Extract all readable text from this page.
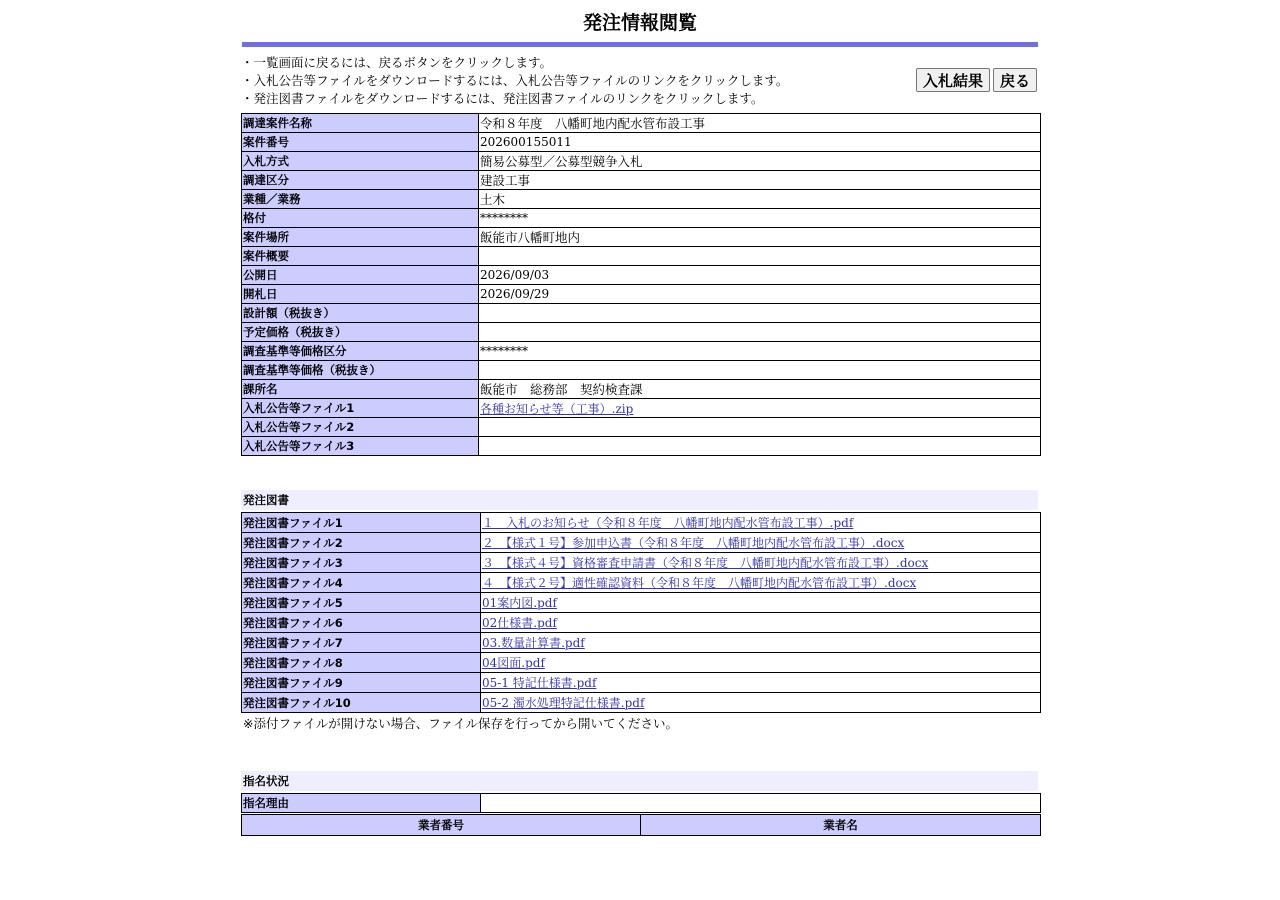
発注情報閲覧
・一覧画面に戻るには、戻るボタンをクリックします。
・入札公告等ファイルをダウンロードするには、入札公告等ファイルのリンクをクリックします。
・発注図書ファイルをダウンロードするには、発注図書ファイルのリンクをクリックします。
入札結果	戻る
調達案件名称	令和８年度　八幡町地内配水管布設工事
案件番号	202600155011
入札方式	簡易公募型／公募型競争入札
調達区分	建設工事
業種／業務	土木
格付	********
案件場所	飯能市八幡町地内
案件概要	
公開日	2026/09/03
開札日	2026/09/29
設計額（税抜き）	
予定価格（税抜き）	
調査基準等価格区分	********
調査基準等価格（税抜き）	
課所名	飯能市　総務部　契約検査課
入札公告等ファイル1	各種お知らせ等（工事）.zip
入札公告等ファイル2	
入札公告等ファイル3	
発注図書
発注図書ファイル1	１　入札のお知らせ（令和８年度　八幡町地内配水管布設工事）.pdf
発注図書ファイル2	２　【様式１号】参加申込書（令和８年度　八幡町地内配水管布設工事）.docx
発注図書ファイル3	３　【様式４号】資格審査申請書（令和８年度　八幡町地内配水管布設工事）.docx
発注図書ファイル4	４　【様式２号】適性確認資料（令和８年度　八幡町地内配水管布設工事）.docx
発注図書ファイル5	01案内図.pdf
発注図書ファイル6	02仕様書.pdf
発注図書ファイル7	03.数量計算書.pdf
発注図書ファイル8	04図面.pdf
発注図書ファイル9	05-1 特記仕様書.pdf
発注図書ファイル10	05-2 濁水処理特記仕様書.pdf
※添付ファイルが開けない場合、ファイル保存を行ってから開いてください。
指名状況
指名理由	
業者番号	業者名
